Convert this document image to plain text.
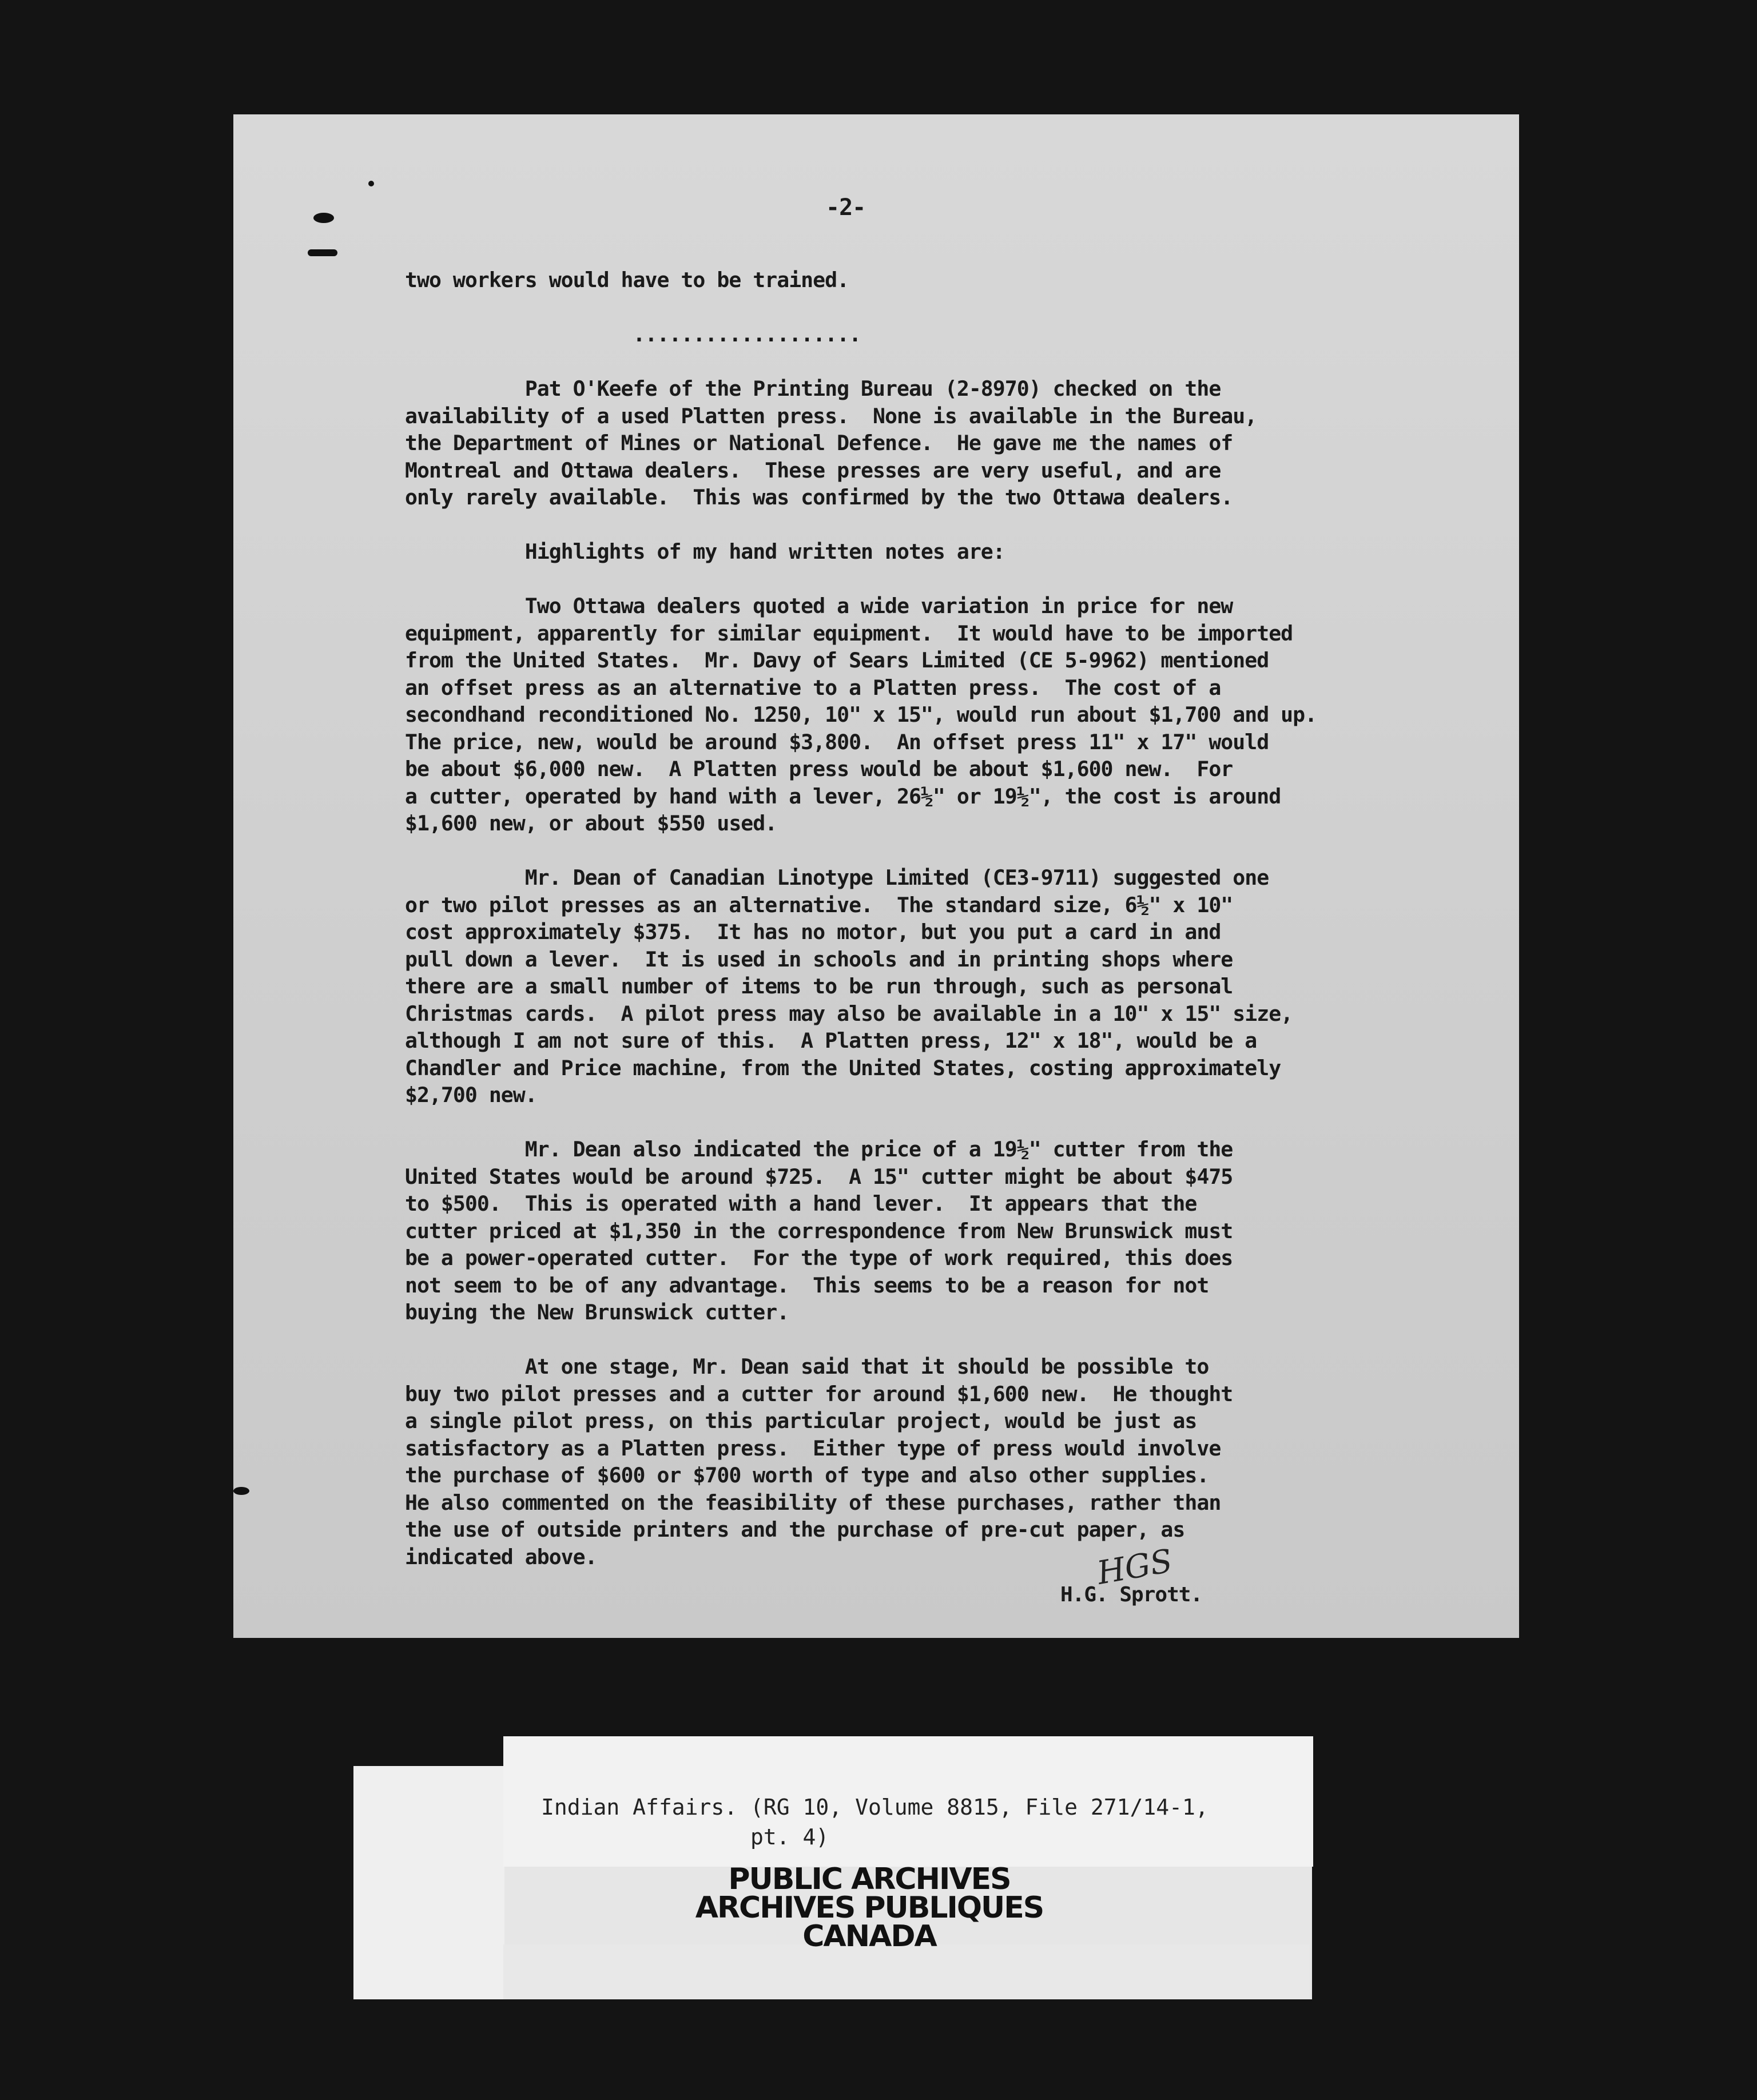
-2-
two workers would have to be trained.

...................

Pat O'Keefe of the Printing Bureau (2-8970) checked on the
availability of a used Platten press.  None is available in the Bureau,
the Department of Mines or National Defence.  He gave me the names of
Montreal and Ottawa dealers.  These presses are very useful, and are
only rarely available.  This was confirmed by the two Ottawa dealers.

Highlights of my hand written notes are:

Two Ottawa dealers quoted a wide variation in price for new
equipment, apparently for similar equipment.  It would have to be imported
from the United States.  Mr. Davy of Sears Limited (CE 5-9962) mentioned
an offset press as an alternative to a Platten press.  The cost of a
secondhand reconditioned No. 1250, 10" x 15", would run about $1,700 and up.
The price, new, would be around $3,800.  An offset press 11" x 17" would
be about $6,000 new.  A Platten press would be about $1,600 new.  For
a cutter, operated by hand with a lever, 26½" or 19½", the cost is around
$1,600 new, or about $550 used.

Mr. Dean of Canadian Linotype Limited (CE3-9711) suggested one
or two pilot presses as an alternative.  The standard size, 6½" x 10"
cost approximately $375.  It has no motor, but you put a card in and
pull down a lever.  It is used in schools and in printing shops where
there are a small number of items to be run through, such as personal
Christmas cards.  A pilot press may also be available in a 10" x 15" size,
although I am not sure of this.  A Platten press, 12" x 18", would be a
Chandler and Price machine, from the United States, costing approximately
$2,700 new.

Mr. Dean also indicated the price of a 19½" cutter from the
United States would be around $725.  A 15" cutter might be about $475
to $500.  This is operated with a hand lever.  It appears that the
cutter priced at $1,350 in the correspondence from New Brunswick must
be a power-operated cutter.  For the type of work required, this does
not seem to be of any advantage.  This seems to be a reason for not
buying the New Brunswick cutter.

At one stage, Mr. Dean said that it should be possible to
buy two pilot presses and a cutter for around $1,600 new.  He thought
a single pilot press, on this particular project, would be just as
satisfactory as a Platten press.  Either type of press would involve
the purchase of $600 or $700 worth of type and also other supplies.
He also commented on the feasibility of these purchases, rather than
the use of outside printers and the purchase of pre-cut paper, as
indicated above.	HGS
H.G. Sprott.
Indian Affairs. (RG 10, Volume 8815, File 271/14-1,
pt. 4)
PUBLIC ARCHIVES
ARCHIVES PUBLIQUES
CANADA
